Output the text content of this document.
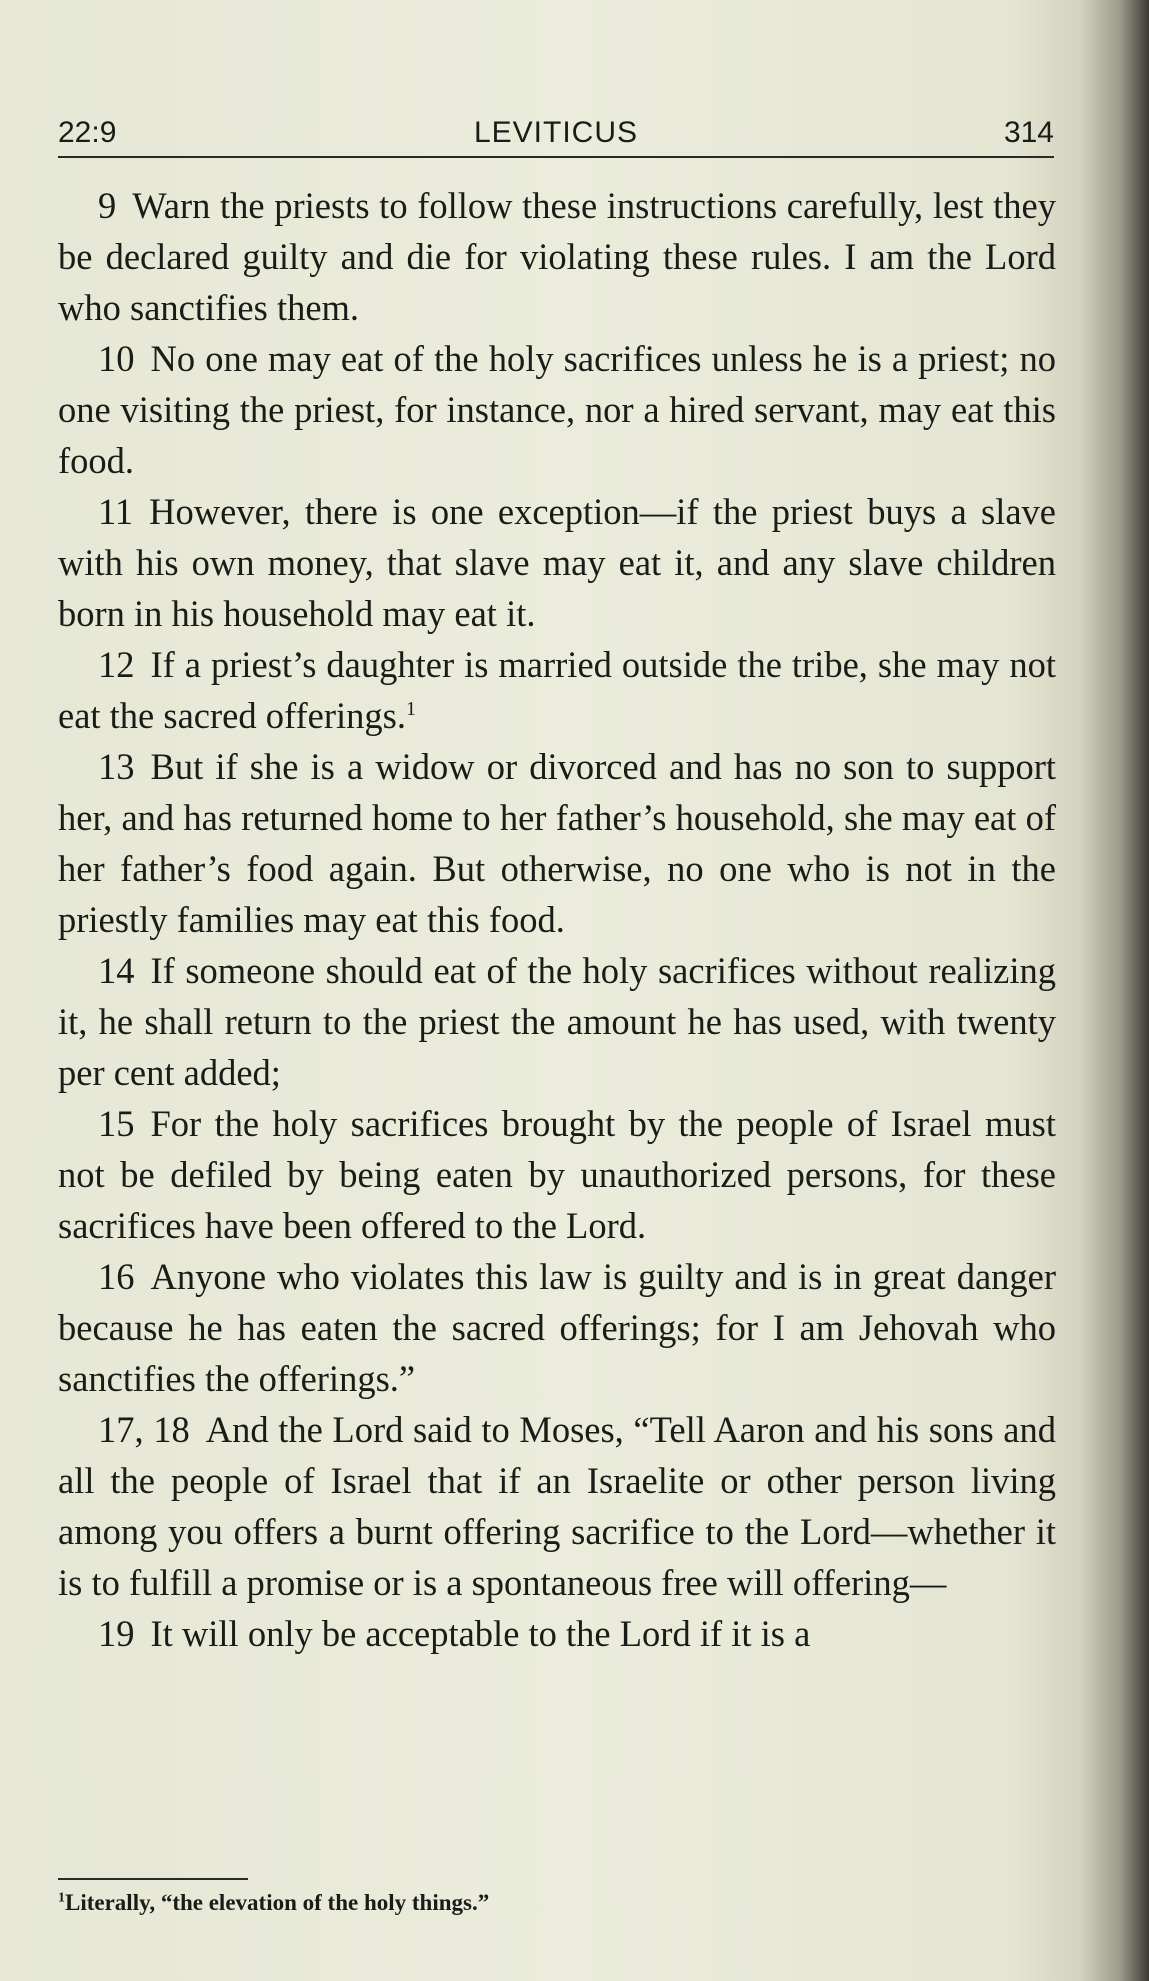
22:9	LEVITICUS	314

9 Warn the priests to follow these instructions carefully, lest they be declared guilty and die for violating these rules. I am the Lord who sanctifies them.

10 No one may eat of the holy sacrifices unless he is a priest; no one visiting the priest, for instance, nor a hired servant, may eat this food.

11 However, there is one exception—if the priest buys a slave with his own money, that slave may eat it, and any slave children born in his household may eat it.

12 If a priest’s daughter is married outside the tribe, she may not eat the sacred offerings.$^1$

13 But if she is a widow or divorced and has no son to support her, and has returned home to her father’s household, she may eat of her father’s food again. But otherwise, no one who is not in the priestly families may eat this food.

14 If someone should eat of the holy sacrifices without realizing it, he shall return to the priest the amount he has used, with twenty per cent added;

15 For the holy sacrifices brought by the people of Israel must not be defiled by being eaten by unauthorized persons, for these sacrifices have been offered to the Lord.

16 Anyone who violates this law is guilty and is in great danger because he has eaten the sacred offerings; for I am Jehovah who sanctifies the offerings.”

17, 18 And the Lord said to Moses, “Tell Aaron and his sons and all the people of Israel that if an Israelite or other person living among you offers a burnt offering sacrifice to the Lord—whether it is to fulfill a promise or is a spontaneous free will offering—

19 It will only be acceptable to the Lord if it is a

$^1$Literally, “the elevation of the holy things.”
